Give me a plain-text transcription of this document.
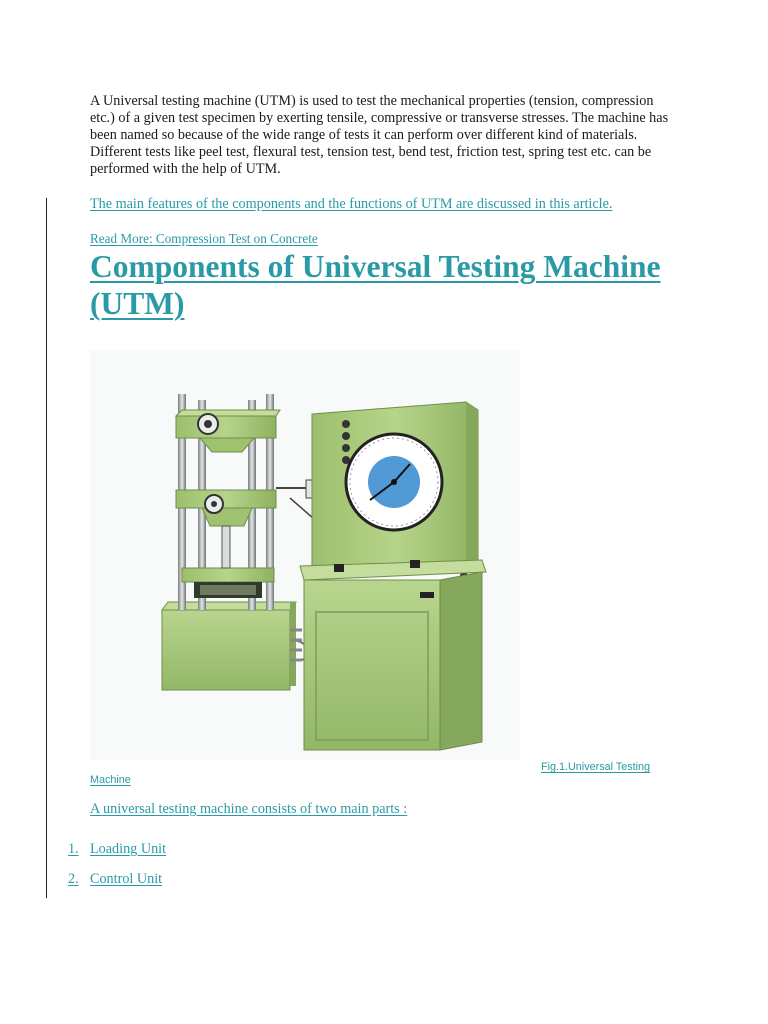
A Universal testing machine (UTM) is used to test the mechanical properties (tension, compression etc.) of a given test specimen by exerting tensile, compressive or transverse stresses. The machine has been named so because of the wide range of tests it can perform over different kind of materials. Different tests like peel test, flexural test, tension test, bend test, friction test, spring test etc. can be performed with the help of UTM.

The main features of the components and the functions of UTM are discussed in this article.
Read More: Compression Test on Concrete
Components of Universal Testing Machine
(UTM)
Fig.1.Universal Testing
Machine
A universal testing machine consists of two main parts :
1. Loading Unit
2. Control Unit
